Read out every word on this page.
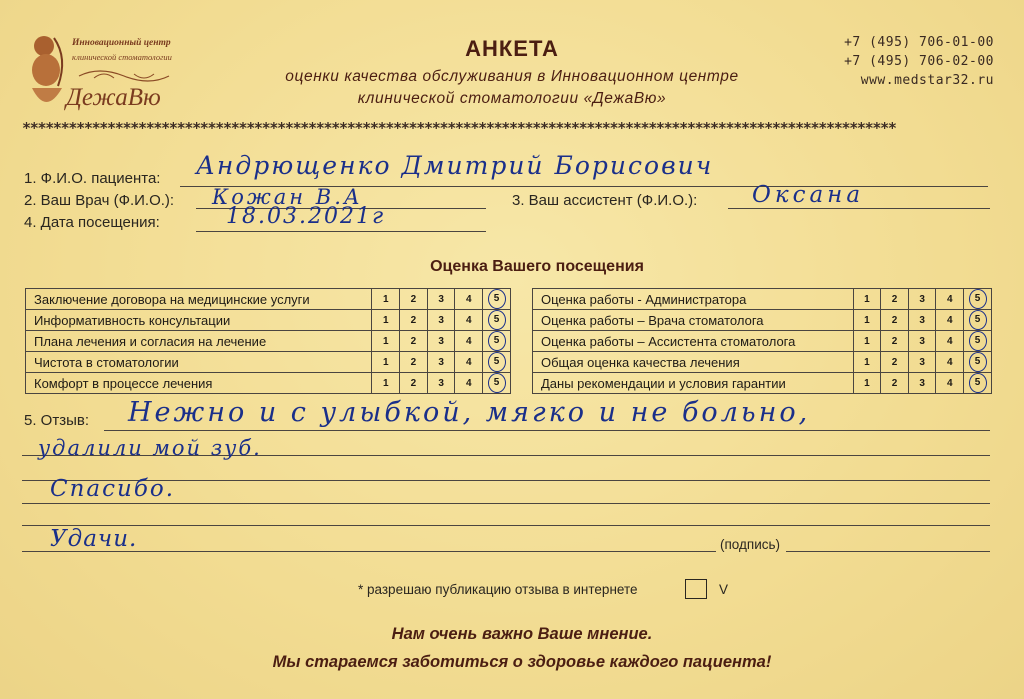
Инновационный центр
клинической стоматологии
ДежаВю
АНКЕТА
оценки качества обслуживания в Инновационном центре
клинической стоматологии «ДежаВю»
+7 (495) 706-01-00
+7 (495) 706-02-00
www.medstar32.ru
*****************************************************************************************************************
1. Ф.И.О. пациента: Андрющенко Дмитрий Борисович
2. Ваш Врач (Ф.И.О.): Кожан В.А	3. Ваш ассистент (Ф.И.О.): Оксана
4. Дата посещения:	18.03.2021г
Оценка Вашего посещения
Заключение договора на медицинские услуги	1	2	3	4	5
Информативность консультации	1	2	3	4	5
Плана лечения и согласия на лечение	1	2	3	4	5
Чистота в стоматологии	1	2	3	4	5
Комфорт в процессе лечения	1	2	3	4	5
Оценка работы - Администратора	1	2	3	4	5
Оценка работы – Врача стоматолога	1	2	3	4	5
Оценка работы – Ассистента стоматолога	1	2	3	4	5
Общая оценка качества лечения	1	2	3	4	5
Даны рекомендации и условия гарантии	1	2	3	4	5
5. Отзыв: Нежно и с улыбкой, мягко и не больно,
удалили мой зуб.
Спасибо.
Удачи.	(подпись)
* разрешаю публикацию отзыва в интернете	V
Нам очень важно Ваше мнение.
Мы стараемся заботиться о здоровье каждого пациента!
